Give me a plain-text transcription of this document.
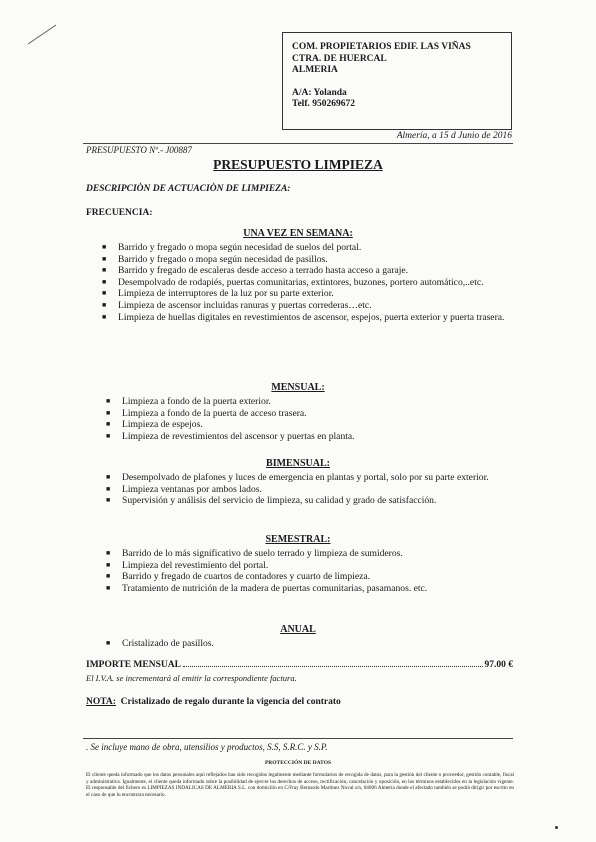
COM. PROPIETARIOS EDIF. LAS VIÑAS
CTRA. DE HUERCAL
ALMERIA
A/A: Yolanda
Telf. 950269672
Almería, a 15 d Junio de 2016
PRESUPUESTO Nº.- J00887
PRESUPUESTO LIMPIEZA
DESCRIPCIÒN DE ACTUACIÒN DE LIMPIEZA:
FRECUENCIA:
UNA VEZ EN SEMANA:
■ Barrido y fregado o mopa según necesidad de suelos del portal.
■ Barrido y fregado o mopa según necesidad de pasillos.
■ Barrido y fregado de escaleras desde acceso a terrado hasta acceso a garaje.
■ Desempolvado de rodapiés, puertas comunitarias, extintores, buzones, portero automático,..etc.
■ Limpieza de interruptores de la luz por su parte exterior.
■ Limpieza de ascensor incluidas ranuras y puertas correderas…etc.
■ Limpieza de huellas digitales en revestimientos de ascensor, espejos, puerta exterior y puerta trasera.
MENSUAL:
■ Limpieza a fondo de la puerta exterior.
■ Limpieza a fondo de la puerta de acceso trasera.
■ Limpieza de espejos.
■ Limpieza de revestimientos del ascensor y puertas en planta.
BIMENSUAL:
■ Desempolvado de plafones y luces de emergencia en plantas y portal, solo por su parte exterior.
■ Limpieza ventanas por ambos lados.
■ Supervisión y análisis del servicio de limpieza, su calidad y grado de satisfacción.
SEMESTRAL:
■ Barrido de lo más significativo de suelo terrado y limpieza de sumideros.
■ Limpieza del revestimiento del portal.
■ Barrido y fregado de cuartos de contadores y cuarto de limpieza.
■ Tratamiento de nutrición de la madera de puertas comunitarias, pasamanos. etc.
ANUAL
■ Cristalizado de pasillos.
IMPORTE MENSUAL	97.00 €
El I.V.A. se incrementará al emitir la correspondiente factura.
NOTA: Cristalizado de regalo durante la vigencia del contrato
. Se incluye mano de obra, utensilios y productos, S.S, S.R.C. y S.P.
PROTECCIÓN DE DATOS
El cliente queda informado que los datos personales aquí reflejados han sido recogidos legalmente mediante formularios de recogida de datos, para la gestión del cliente o proveedor, gestión contable, fiscal y administrativa. Igualmente, el cliente queda informado sobre la posibilidad de ejercer los derechos de acceso, rectificación, cancelación y oposición, en los términos establecidos en la legislación vigente. El responsable del fichero es LIMPIEZAS INDALICAS DE ALMERIA S.L. con domicilio en C/Fray Bernardo Martínez Noval s/n, 04006 Almería donde el afectado también se podrá dirigir por escrito en el caso de que lo encontrara necesario.
